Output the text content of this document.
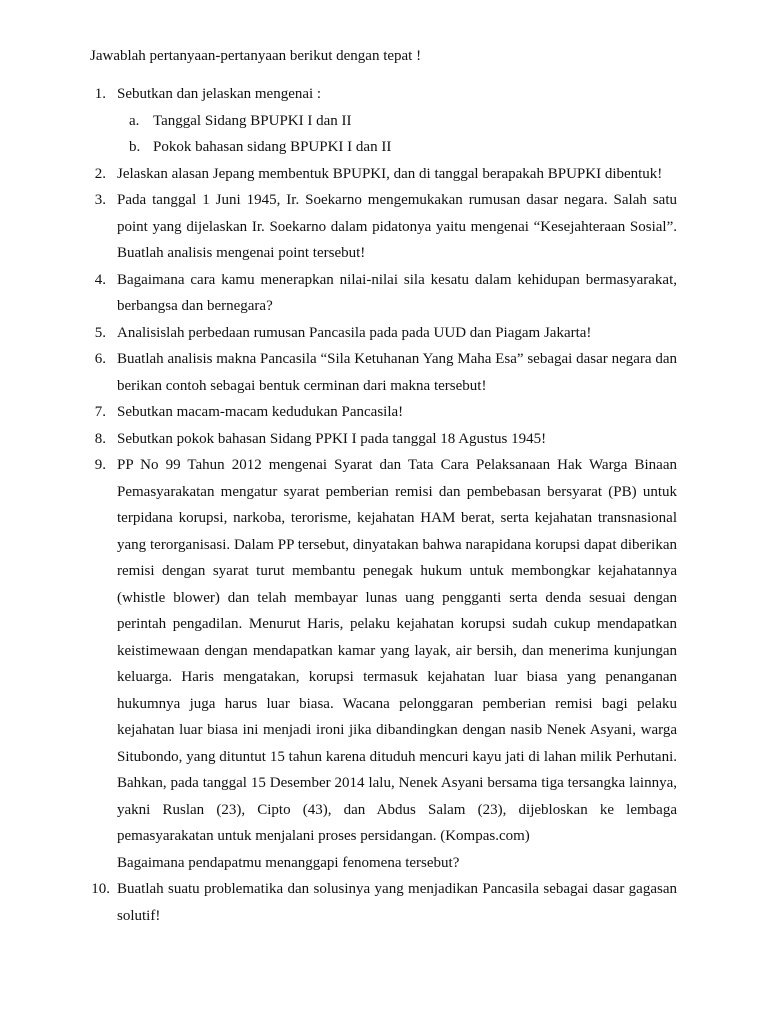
Jawablah pertanyaan-pertanyaan berikut dengan tepat !

1. Sebutkan dan jelaskan mengenai :
a. Tanggal Sidang BPUPKI I dan II
b. Pokok bahasan sidang BPUPKI I dan II
2. Jelaskan alasan Jepang membentuk BPUPKI, dan di tanggal berapakah BPUPKI dibentuk!
3. Pada tanggal 1 Juni 1945, Ir. Soekarno mengemukakan rumusan dasar negara. Salah satu point yang dijelaskan Ir. Soekarno dalam pidatonya yaitu mengenai “Kesejahteraan Sosial”. Buatlah analisis mengenai point tersebut!
4. Bagaimana cara kamu menerapkan nilai-nilai sila kesatu dalam kehidupan bermasyarakat, berbangsa dan bernegara?
5. Analisislah perbedaan rumusan Pancasila pada pada UUD dan Piagam Jakarta!
6. Buatlah analisis makna Pancasila “Sila Ketuhanan Yang Maha Esa” sebagai dasar negara dan berikan contoh sebagai bentuk cerminan dari makna tersebut!
7. Sebutkan macam-macam kedudukan Pancasila!
8. Sebutkan pokok bahasan Sidang PPKI I pada tanggal 18 Agustus 1945!
9. PP No 99 Tahun 2012 mengenai Syarat dan Tata Cara Pelaksanaan Hak Warga Binaan Pemasyarakatan mengatur syarat pemberian remisi dan pembebasan bersyarat (PB) untuk terpidana korupsi, narkoba, terorisme, kejahatan HAM berat, serta kejahatan transnasional yang terorganisasi. Dalam PP tersebut, dinyatakan bahwa narapidana korupsi dapat diberikan remisi dengan syarat turut membantu penegak hukum untuk membongkar kejahatannya (whistle blower) dan telah membayar lunas uang pengganti serta denda sesuai dengan perintah pengadilan. Menurut Haris, pelaku kejahatan korupsi sudah cukup mendapatkan keistimewaan dengan mendapatkan kamar yang layak, air bersih, dan menerima kunjungan keluarga. Haris mengatakan, korupsi termasuk kejahatan luar biasa yang penanganan hukumnya juga harus luar biasa. Wacana pelonggaran pemberian remisi bagi pelaku kejahatan luar biasa ini menjadi ironi jika dibandingkan dengan nasib Nenek Asyani, warga Situbondo, yang dituntut 15 tahun karena dituduh mencuri kayu jati di lahan milik Perhutani. Bahkan, pada tanggal 15 Desember 2014 lalu, Nenek Asyani bersama tiga tersangka lainnya, yakni Ruslan (23), Cipto (43), dan Abdus Salam (23), dijebloskan ke lembaga pemasyarakatan untuk menjalani proses persidangan. (Kompas.com)
Bagaimana pendapatmu menanggapi fenomena tersebut?
10. Buatlah suatu problematika dan solusinya yang menjadikan Pancasila sebagai dasar gagasan solutif!
